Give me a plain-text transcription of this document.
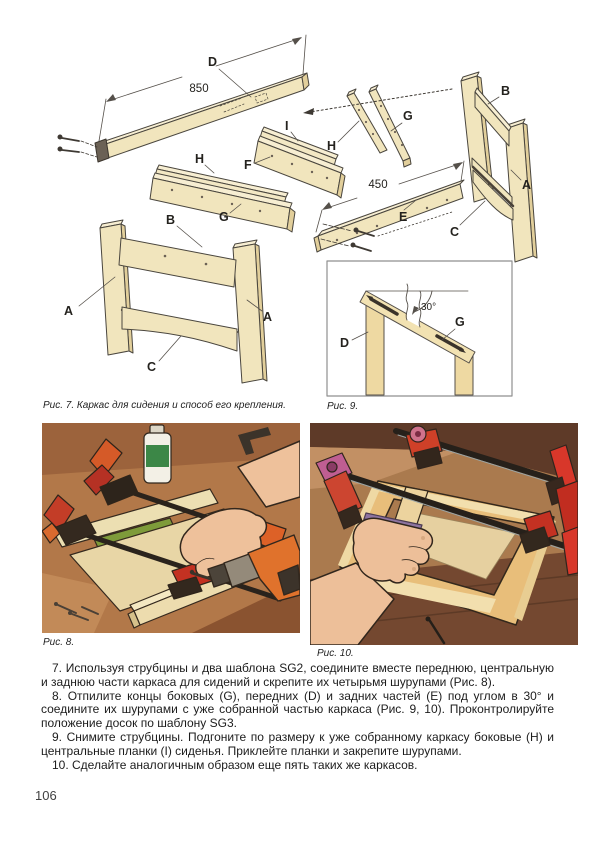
850
D
H
G
I
F
H
G
450
E
B
A
C
B
A	A
C
30°
D
G
Рис. 7. Каркас для сидения и способ его крепления.	Рис. 9.
Рис. 8.
Рис. 10.

7. Используя струбцины и два шаблона SG2, соедините вместе переднюю, центральную и заднюю части каркаса для сидений и скрепите их четырьмя шурупами (Рис. 8).

8. Отпилите концы боковых (G), передних (D) и задних частей (E) под углом в 30° и соедините их шурупами с уже собранной частью каркаса (Рис. 9, 10). Проконтролируйте положение досок по шаблону SG3.

9. Снимите струбцины. Подгоните по размеру к уже собранному каркасу боковые (H) и центральные планки (I) сиденья. Приклейте планки и закрепите шурупами.

10. Сделайте аналогичным образом еще пять таких же каркасов.

106
